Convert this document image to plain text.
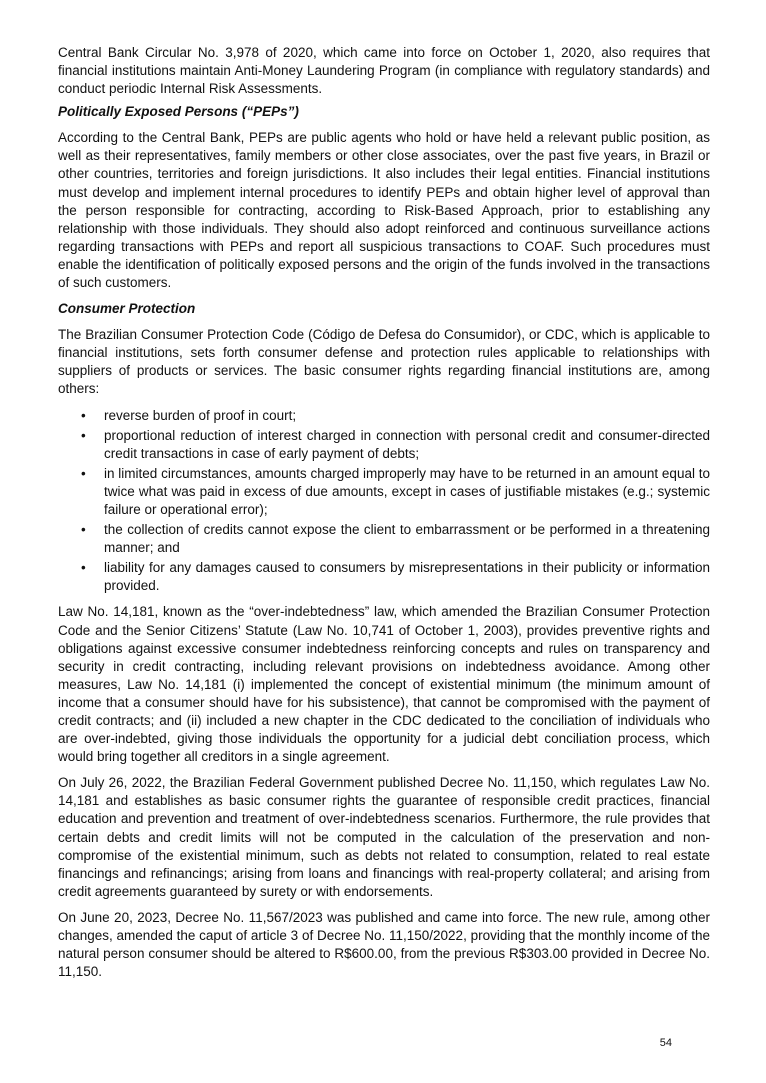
Central Bank Circular No. 3,978 of 2020, which came into force on October 1, 2020, also requires that financial institutions maintain Anti-Money Laundering Program (in compliance with regulatory standards) and conduct periodic Internal Risk Assessments.

Politically Exposed Persons (“PEPs”)

According to the Central Bank, PEPs are public agents who hold or have held a relevant public position, as well as their representatives, family members or other close associates, over the past five years, in Brazil or other countries, territories and foreign jurisdictions. It also includes their legal entities. Financial institutions must develop and implement internal procedures to identify PEPs and obtain higher level of approval than the person responsible for contracting, according to Risk-Based Approach, prior to establishing any relationship with those individuals. They should also adopt reinforced and continuous surveillance actions regarding transactions with PEPs and report all suspicious transactions to COAF. Such procedures must enable the identification of politically exposed persons and the origin of the funds involved in the transactions of such customers.

Consumer Protection

The Brazilian Consumer Protection Code (Código de Defesa do Consumidor), or CDC, which is applicable to financial institutions, sets forth consumer defense and protection rules applicable to relationships with suppliers of products or services. The basic consumer rights regarding financial institutions are, among others:

• reverse burden of proof in court;
• proportional reduction of interest charged in connection with personal credit and consumer-directed credit transactions in case of early payment of debts;
• in limited circumstances, amounts charged improperly may have to be returned in an amount equal to twice what was paid in excess of due amounts, except in cases of justifiable mistakes (e.g.; systemic failure or operational error);
• the collection of credits cannot expose the client to embarrassment or be performed in a threatening manner; and
• liability for any damages caused to consumers by misrepresentations in their publicity or information provided.

Law No. 14,181, known as the “over-indebtedness” law, which amended the Brazilian Consumer Protection Code and the Senior Citizens’ Statute (Law No. 10,741 of October 1, 2003), provides preventive rights and obligations against excessive consumer indebtedness reinforcing concepts and rules on transparency and security in credit contracting, including relevant provisions on indebtedness avoidance. Among other measures, Law No. 14,181 (i) implemented the concept of existential minimum (the minimum amount of income that a consumer should have for his subsistence), that cannot be compromised with the payment of credit contracts; and (ii) included a new chapter in the CDC dedicated to the conciliation of individuals who are over-indebted, giving those individuals the opportunity for a judicial debt conciliation process, which would bring together all creditors in a single agreement.

On July 26, 2022, the Brazilian Federal Government published Decree No. 11,150, which regulates Law No. 14,181 and establishes as basic consumer rights the guarantee of responsible credit practices, financial education and prevention and treatment of over-indebtedness scenarios. Furthermore, the rule provides that certain debts and credit limits will not be computed in the calculation of the preservation and non-compromise of the existential minimum, such as debts not related to consumption, related to real estate financings and refinancings; arising from loans and financings with real-property collateral; and arising from credit agreements guaranteed by surety or with endorsements.

On June 20, 2023, Decree No. 11,567/2023 was published and came into force. The new rule, among other changes, amended the caput of article 3 of Decree No. 11,150/2022, providing that the monthly income of the natural person consumer should be altered to R$600.00, from the previous R$303.00 provided in Decree No. 11,150.

54
